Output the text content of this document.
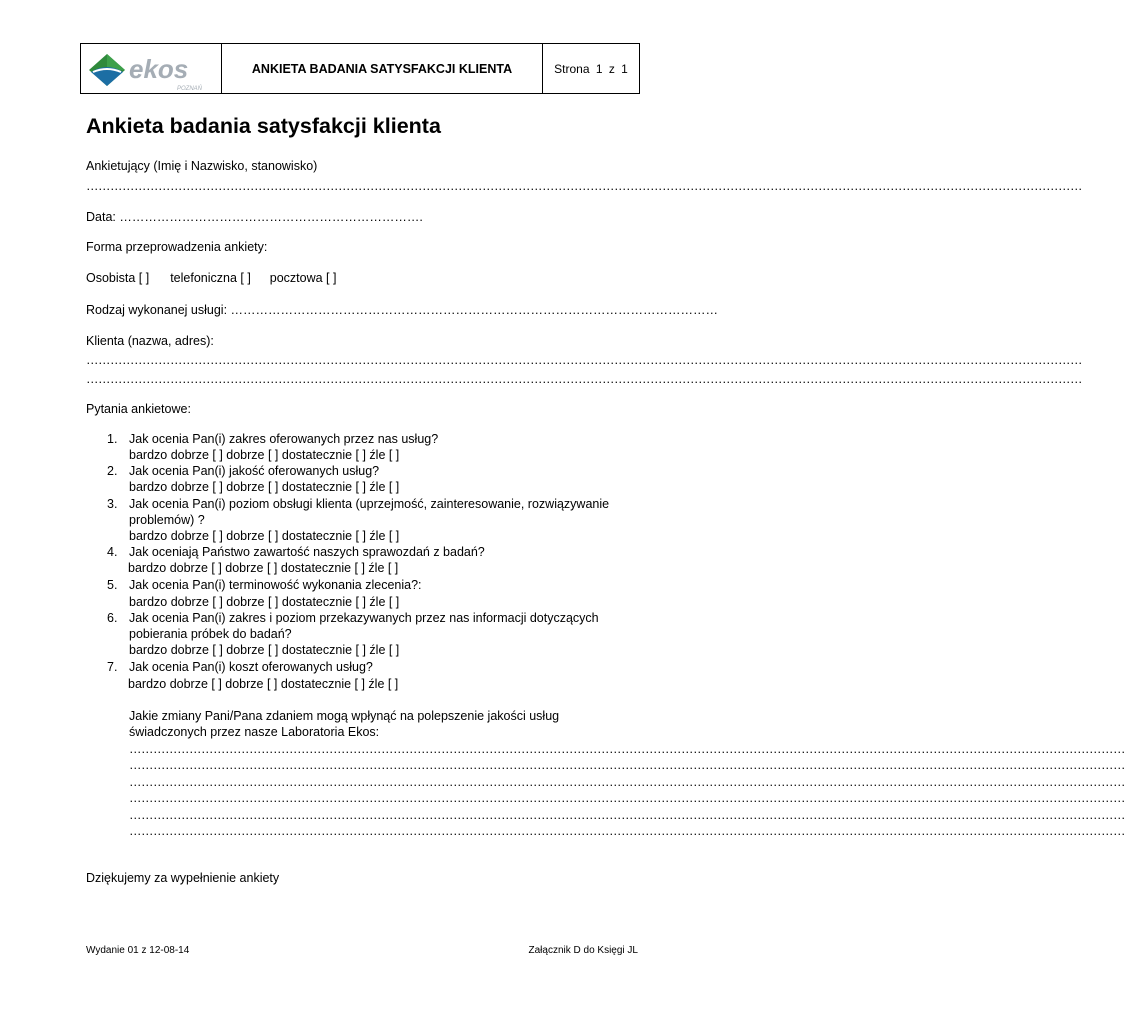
ekos
POZNAŃ
ANKIETA BADANIA SATYSFAKCJI KLIENTA	Strona 1 z 1
Ankieta badania satysfakcji klienta
Ankietujący (Imię i Nazwisko, stanowisko)
……………………………………………………………………………………………………………………………………………………………………………………………………………………………
Data: ……………………………………………………………….
Forma przeprowadzenia ankiety:
Osobista [ ] telefoniczna [ ] pocztowa [ ]
Rodzaj wykonanej usługi: ………………………………………………………………………………………………………
Klienta (nazwa, adres):
……………………………………………………………………………………………………………………………………………………………………………………………………………………………
……………………………………………………………………………………………………………………………………………………………………………………………………………………………
Pytania ankietowe:
1. Jak ocenia Pan(i) zakres oferowanych przez nas usług?
bardzo dobrze [ ] dobrze [ ] dostatecznie [ ] źle [ ]
2. Jak ocenia Pan(i) jakość oferowanych usług?
bardzo dobrze [ ] dobrze [ ] dostatecznie [ ] źle [ ]
3. Jak ocenia Pan(i) poziom obsługi klienta (uprzejmość, zainteresowanie, rozwiązywanie
problemów) ?
bardzo dobrze [ ] dobrze [ ] dostatecznie [ ] źle [ ]
4. Jak oceniają Państwo zawartość naszych sprawozdań z badań?
bardzo dobrze [ ] dobrze [ ] dostatecznie [ ] źle [ ]
5. Jak ocenia Pan(i) terminowość wykonania zlecenia?:
bardzo dobrze [ ] dobrze [ ] dostatecznie [ ] źle [ ]
6. Jak ocenia Pan(i) zakres i poziom przekazywanych przez nas informacji dotyczących
pobierania próbek do badań?
bardzo dobrze [ ] dobrze [ ] dostatecznie [ ] źle [ ]
7. Jak ocenia Pan(i) koszt oferowanych usług?
bardzo dobrze [ ] dobrze [ ] dostatecznie [ ] źle [ ]
Jakie zmiany Pani/Pana zdaniem mogą wpłynąć na polepszenie jakości usług
świadczonych przez nasze Laboratoria Ekos:
……………………………………………………………………………………………………………………………………………………………………………………………………………………………
……………………………………………………………………………………………………………………………………………………………………………………………………………………………
……………………………………………………………………………………………………………………………………………………………………………………………………………………………
……………………………………………………………………………………………………………………………………………………………………………………………………………………………
……………………………………………………………………………………………………………………………………………………………………………………………………………………………
……………………………………………………………………………………………………………………………………………………………………………………………………………………………
Dziękujemy za wypełnienie ankiety
Wydanie 01 z 12-08-14	Załącznik D do Księgi JL
